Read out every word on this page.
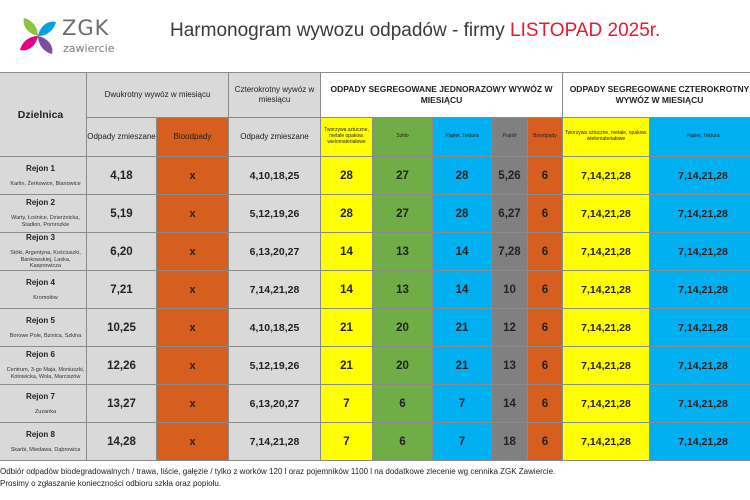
ZGK
zawiercie
Harmonogram wywozu odpadów - firmy LISTOPAD 2025r.
Dzielnica	Dwukrotny wywóz w miesiącu		Czterokrotny wywóz w miesiącu	ODPADY SEGREGOWANE JEDNORAZOWY WYWÓZ W MIESIĄCU					ODPADY SEGREGOWANE CZTEROKROTNY WYWÓZ W MIESIĄCU	
	Odpady zmieszane	Bioodpady	Odpady zmieszane	Tworzywa sztuczne, metale opakow. wielomateriałowe	Szkło	Papier, Tektura	Popiół	Bioodpady	Tworzywa sztuczne, metale, opakow. wielomateriałowe	Papier, Tektura

Rejon 1
Karlin, Żerkowice, Blanowice	4,18	x	4,10,18,25	28	27	28	5,26	6	7,14,21,28	7,14,21,28

Rejon 2
Warty, Łośnice, Dzierżnicka, Stadion, Pomrozkie	5,19	x	5,12,19,26	28	27	28	6,27	6	7,14,21,28	7,14,21,28

Rejon 3
Stóki, Argentyna, Kościuszki, Bankowskiej, Laska, Kasprowicza	6,20	x	6,13,20,27	14	13	14	7,28	6	7,14,21,28	7,14,21,28

Rejon 4
Kromołów	7,21	x	7,14,21,28	14	13	14	10	6	7,14,21,28	7,14,21,28

Rejon 5
Borowe Pole, Bzinica, Szklna	10,25	x	4,10,18,25	21	20	21	12	6	7,14,21,28	7,14,21,28

Rejon 6
Centrum, 3-go Maja, Moniuszki, Kotowicka, Wola, Marciszów	12,26	x	5,12,19,26	21	20	21	13	6	7,14,21,28	7,14,21,28

Rejon 7
Zuzanka	13,27	x	6,13,20,27	7	6	7	14	6	7,14,21,28	7,14,21,28

Rejon 8
Skarbi, Miedawa, Dąbrowica	14,28	x	7,14,21,28	7	6	7	18	6	7,14,21,28	7,14,21,28
Odbiór odpadów biodegradowalnych / trawa, liście, gałęzie / tylko z worków 120 l oraz pojemników 1100 l na dodatkowe zlecenie wg cennika ZGK Zawiercie.
Prosimy o zgłaszanie konieczności odbioru szkła oraz popiołu.
